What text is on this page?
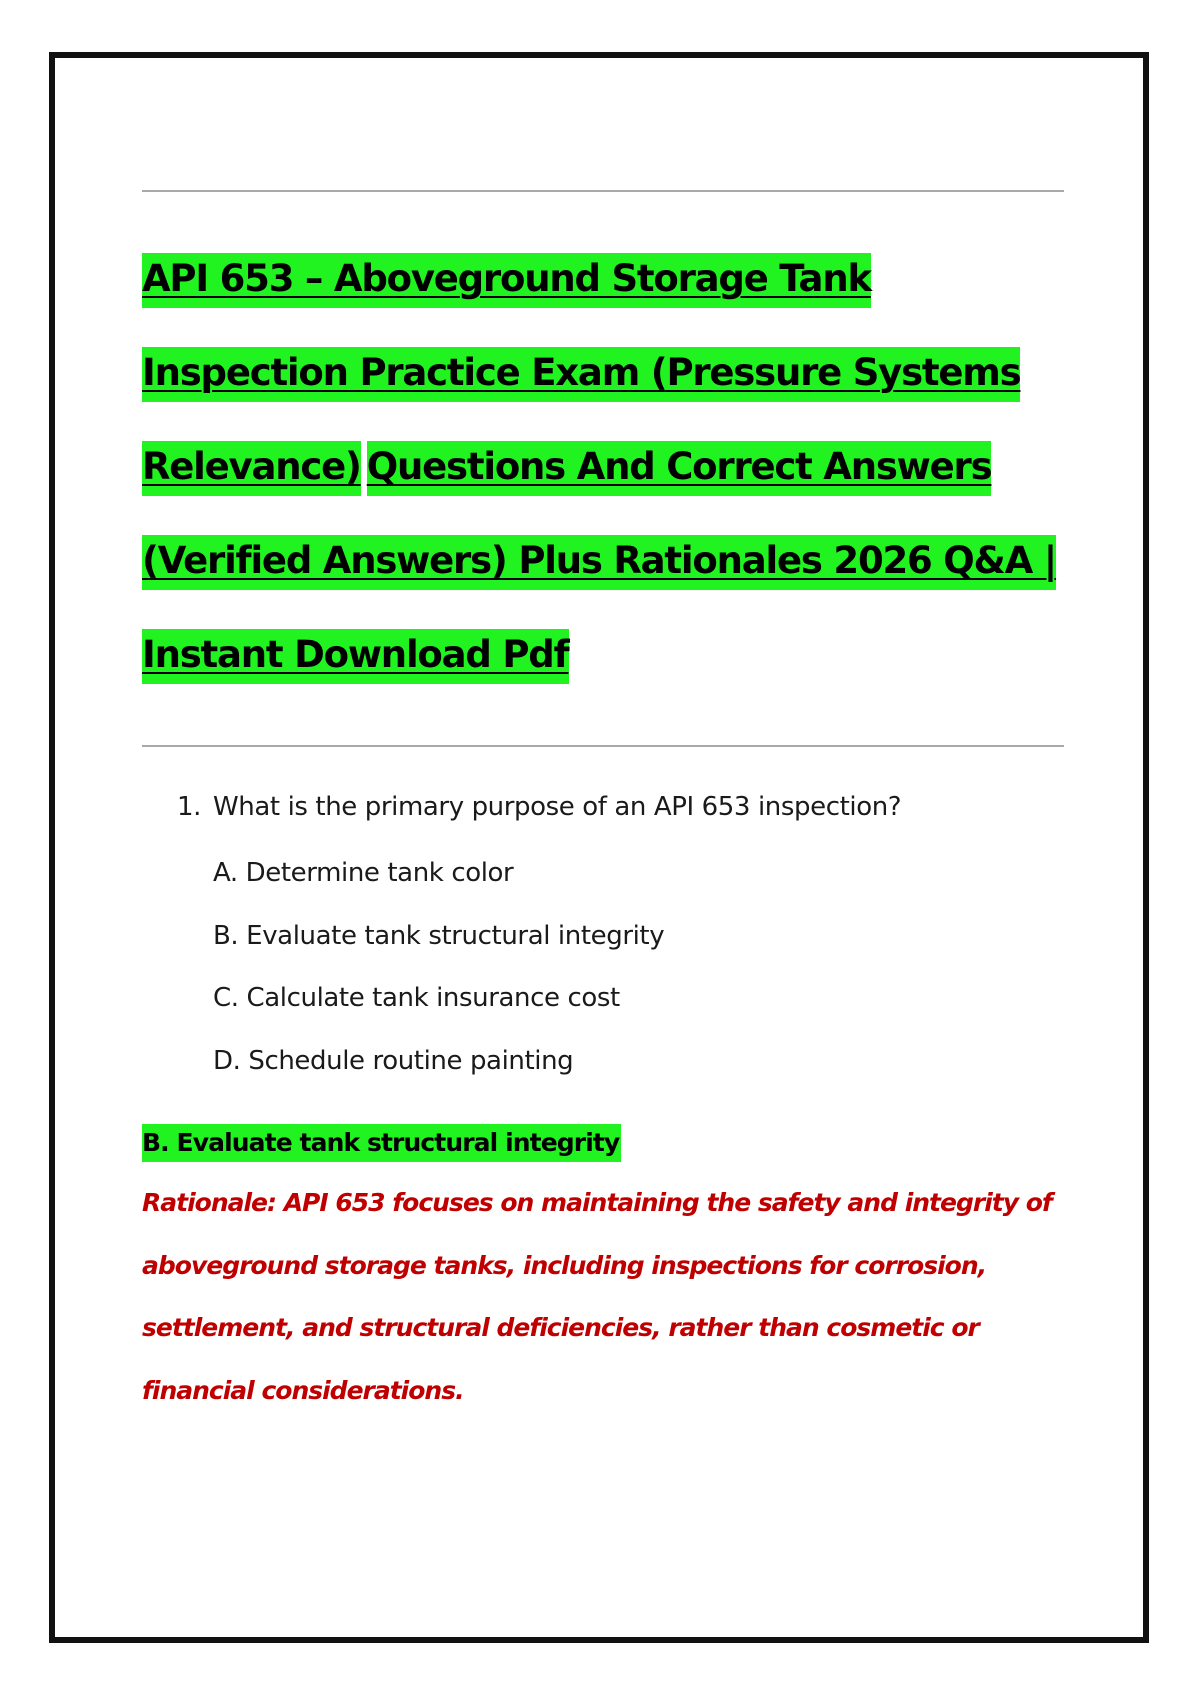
API 653 – Aboveground Storage Tank Inspection Practice Exam (Pressure Systems Relevance) Questions And Correct Answers (Verified Answers) Plus Rationales 2026 Q&A | Instant Download Pdf

1. What is the primary purpose of an API 653 inspection?

A. Determine tank color
B. Evaluate tank structural integrity
C. Calculate tank insurance cost
D. Schedule routine painting

B. Evaluate tank structural integrity

Rationale: API 653 focuses on maintaining the safety and integrity of aboveground storage tanks, including inspections for corrosion, settlement, and structural deficiencies, rather than cosmetic or financial considerations.
